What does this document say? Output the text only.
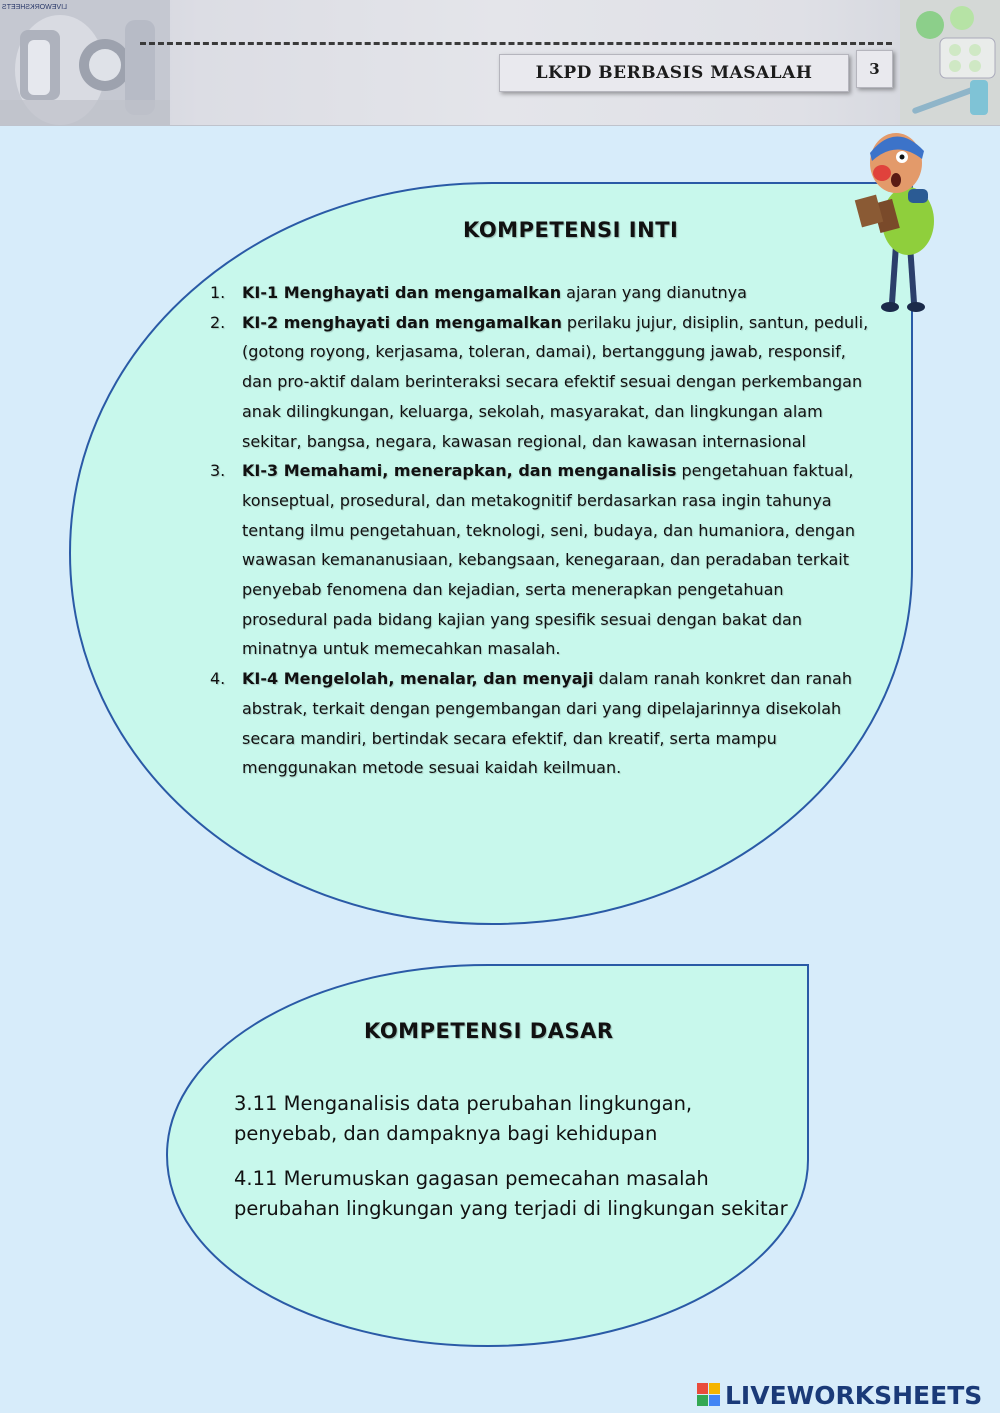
LIVEWORKSHEETS
LKPD BERBASIS MASALAH	3
KOMPETENSI INTI
1. KI-1 Menghayati dan mengamalkan ajaran yang dianutnya
2. KI-2 menghayati dan mengamalkan perilaku jujur, disiplin, santun, peduli, (gotong royong, kerjasama, toleran, damai), bertanggung jawab, responsif, dan pro-aktif dalam berinteraksi secara efektif sesuai dengan perkembangan anak dilingkungan, keluarga, sekolah, masyarakat, dan lingkungan alam sekitar, bangsa, negara, kawasan regional, dan kawasan internasional
3. KI-3 Memahami, menerapkan, dan menganalisis pengetahuan faktual, konseptual, prosedural, dan metakognitif berdasarkan rasa ingin tahunya tentang ilmu pengetahuan, teknologi, seni, budaya, dan humaniora, dengan wawasan kemananusiaan, kebangsaan, kenegaraan, dan peradaban terkait penyebab fenomena dan kejadian, serta menerapkan pengetahuan prosedural pada bidang kajian yang spesifik sesuai dengan bakat dan minatnya untuk memecahkan masalah.
4. KI-4 Mengelolah, menalar, dan menyaji dalam ranah konkret dan ranah abstrak, terkait dengan pengembangan dari yang dipelajarinnya disekolah secara mandiri, bertindak secara efektif, dan kreatif, serta mampu menggunakan metode sesuai kaidah keilmuan.
KOMPETENSI DASAR

3.11 Menganalisis data perubahan lingkungan, penyebab, dan dampaknya bagi kehidupan

4.11 Merumuskan gagasan pemecahan masalah perubahan lingkungan yang terjadi di lingkungan sekitar

LIVEWORKSHEETS
